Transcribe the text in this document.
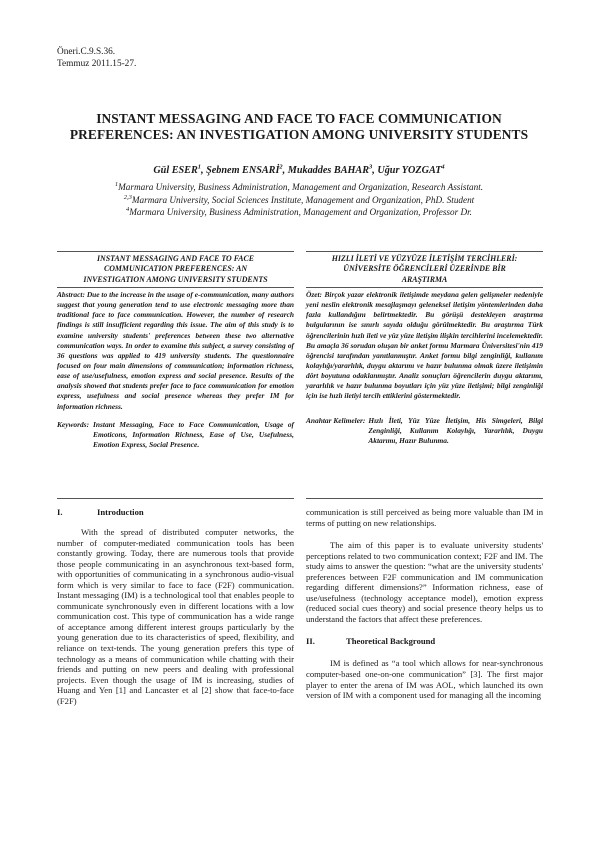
Öneri.C.9.S.36.
Temmuz 2011.15-27.
INSTANT MESSAGING AND FACE TO FACE COMMUNICATION
PREFERENCES: AN INVESTIGATION AMONG UNIVERSITY STUDENTS
Gül ESER$^1$, Şebnem ENSARİ$^2$, Mukaddes BAHAR$^3$, Uğur YOZGAT$^4$
$^1$Marmara University, Business Administration, Management and Organization, Research Assistant.
$^{2,3}$Marmara University, Social Sciences Institute, Management and Organization, PhD. Student
$^4$Marmara University, Business Administration, Management and Organization, Professor Dr.
INSTANT MESSAGING AND FACE TO FACE
COMMUNICATION PREFERENCES: AN
INVESTIGATION AMONG UNIVERSITY STUDENTS
Abstract: Due to the increase in the usage of e-communication, many authors suggest that young generation tend to use electronic messaging more than traditional face to face communication. However, the number of research findings is still insufficient regarding this issue. The aim of this study is to examine university students' preferences between these two alternative communication ways. In order to examine this subject, a survey consisting of 36 questions was applied to 419 university students. The questionnaire focused on four main dimensions of communication; information richness, ease of use/usefulness, emotion express and social presence. Results of the analysis showed that students prefer face to face communication for emotion express, usefulness and social presence whereas they prefer IM for information richness.
Keywords: Instant Messaging, Face to Face Communication, Usage of Emoticons, Information Richness, Ease of Use, Usefulness, Emotion Express, Social Presence.
HIZLI İLETİ VE YÜZYÜZE İLETİŞİM TERCİHLERİ:
ÜNİVERSİTE ÖĞRENCİLERİ ÜZERİNDE BİR
ARAŞTIRMA
Özet: Birçok yazar elektronik iletişimde meydana gelen gelişmeler nedeniyle yeni neslin elektronik mesajlaşmayı geleneksel iletişim yöntemlerinden daha fazla kullandığını belirtmektedir. Bu görüşü destekleyen araştırma bulgularının ise sınırlı sayıda olduğu görülmektedir. Bu araştırma Türk öğrencilerinin hızlı ileti ve yüz yüze iletişim ilişkin tercihlerini incelemektedir. Bu amaçla 36 sorudan oluşan bir anket formu Marmara Üniversitesi'nin 419 öğrencisi tarafından yanıtlanmıştır. Anket formu bilgi zenginliği, kullanım kolaylığı/yararlılık, duygu aktarımı ve hazır bulunma olmak üzere iletişimin dört boyutuna odaklanmıştır. Analiz sonuçları öğrencilerin duygu aktarımı, yararlılık ve hazır bulunma boyutları için yüz yüze iletişimi; bilgi zenginliği için ise hızlı iletiyi tercih ettiklerini göstermektedir.
Anahtar Kelimeler: Hızlı İleti, Yüz Yüze İletişim, His Simgeleri, Bilgi Zenginliği, Kullanım Kolaylığı, Yararlılık, Duygu Aktarımı, Hazır Bulunma.
I.	Introduction

With the spread of distributed computer networks, the number of computer-mediated communication tools has been constantly growing. Today, there are numerous tools that provide those people communicating in an asynchronous text-based form, with opportunities of communicating in a synchronous audio-visual form which is very similar to face to face (F2F) communication. Instant messaging (IM) is a technological tool that enables people to communicate synchronously even in different locations with a low communication cost. This type of communication has a wide range of acceptance among different interest groups particularly by the young generation due to its characteristics of speed, flexibility, and reliance on text-tends. The young generation prefers this type of technology as a means of communication while chatting with their friends and putting on new peers and dealing with professional projects. Even though the usage of IM is increasing, studies of Huang and Yen [1] and Lancaster et al [2] show that face-to-face (F2F)

communication is still perceived as being more valuable than IM in terms of putting on new relationships.

The aim of this paper is to evaluate university students' perceptions related to two communication context; F2F and IM. The study aims to answer the question: “what are the university students' preferences between F2F communication and IM communication regarding different dimensions?” Information richness, ease of use/usefulness (technology acceptance model), emotion express (reduced social cues theory) and social presence theory helps us to understand the factors that affect these preferences.

II.	Theoretical Background

IM is defined as “a tool which allows for near-synchronous computer-based one-on-one communication” [3]. The first major player to enter the arena of IM was AOL, which launched its own version of IM with a component used for managing all the incoming
